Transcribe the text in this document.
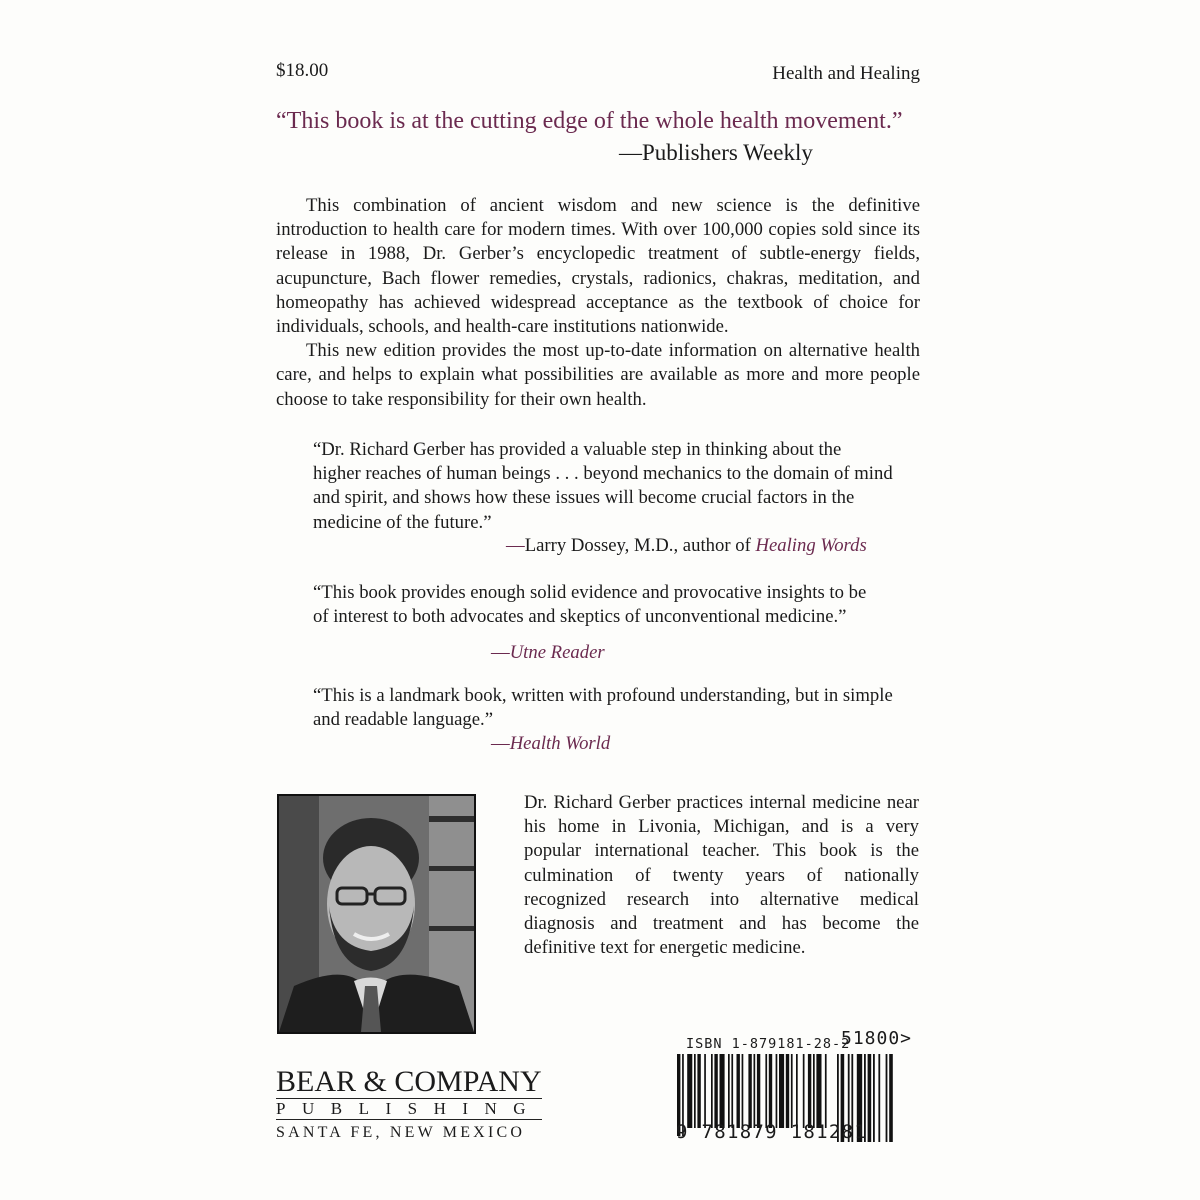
$18.00	Health and Healing
“This book is at the cutting edge of the whole health movement.”
—Publishers Weekly

This combination of ancient wisdom and new science is the definitive introduction to health care for modern times. With over 100,000 copies sold since its release in 1988, Dr. Gerber’s encyclopedic treatment of subtle-energy fields, acupuncture, Bach flower remedies, crystals, radionics, chakras, meditation, and homeopathy has achieved widespread acceptance as the textbook of choice for individuals, schools, and health-care institutions nationwide.

This new edition provides the most up-to-date information on alternative health care, and helps to explain what possibilities are available as more and more people choose to take responsibility for their own health.

“Dr. Richard Gerber has provided a valuable step in thinking about the higher reaches of human beings . . . beyond mechanics to the domain of mind and spirit, and shows how these issues will become crucial factors in the medicine of the future.”

—Larry Dossey, M.D., author of Healing Words

“This book provides enough solid evidence and provocative insights to be of interest to both advocates and skeptics of unconventional medicine.”

—Utne Reader

“This is a landmark book, written with profound understanding, but in simple and readable language.”

—Health World
Dr. Richard Gerber practices internal medicine near his home in Livonia, Michigan, and is a very popular international teacher. This book is the culmination of twenty years of nationally recognized research into alternative medical diagnosis and treatment and has become the definitive text for energetic medicine.
BEAR & COMPANY
PUBLISHING
SANTA FE, NEW MEXICO
ISBN 1-879181-28-2
51800>
9 781879 181281
